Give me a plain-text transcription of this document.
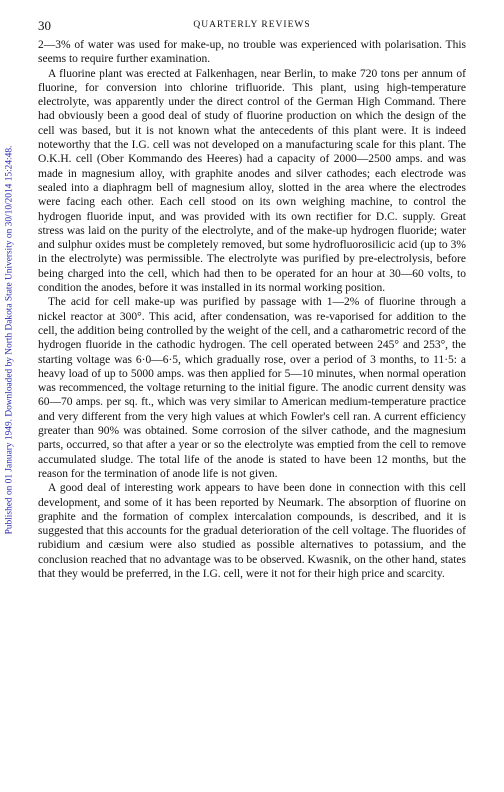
Published on 01 January 1949. Downloaded by North Dakota State University on 30/10/2014 15:24:48.
30	QUARTERLY REVIEWS

2—3% of water was used for make-up, no trouble was experienced with polarisation. This seems to require further examination.

A fluorine plant was erected at Falkenhagen, near Berlin, to make 720 tons per annum of fluorine, for conversion into chlorine trifluoride. This plant, using high-temperature electrolyte, was apparently under the direct control of the German High Command. There had obviously been a good deal of study of fluorine production on which the design of the cell was based, but it is not known what the antecedents of this plant were. It is indeed noteworthy that the I.G. cell was not developed on a manufacturing scale for this plant. The O.K.H. cell (Ober Kommando des Heeres) had a capacity of 2000—2500 amps. and was made in magnesium alloy, with graphite anodes and silver cathodes; each electrode was sealed into a diaphragm bell of magnesium alloy, slotted in the area where the electrodes were facing each other. Each cell stood on its own weighing machine, to control the hydrogen fluoride input, and was provided with its own rectifier for D.C. supply. Great stress was laid on the purity of the electrolyte, and of the make-up hydrogen fluoride; water and sulphur oxides must be completely removed, but some hydrofluorosilicic acid (up to 3% in the electrolyte) was permissible. The electrolyte was purified by pre-electrolysis, before being charged into the cell, which had then to be operated for an hour at 30—60 volts, to condition the anodes, before it was installed in its normal working position.

The acid for cell make-up was purified by passage with 1—2% of fluorine through a nickel reactor at 300°. This acid, after condensation, was re-vaporised for addition to the cell, the addition being controlled by the weight of the cell, and a catharometric record of the hydrogen fluoride in the cathodic hydrogen. The cell operated between 245° and 253°, the starting voltage was 6·0—6·5, which gradually rose, over a period of 3 months, to 11·5: a heavy load of up to 5000 amps. was then applied for 5—10 minutes, when normal operation was recommenced, the voltage returning to the initial figure. The anodic current density was 60—70 amps. per sq. ft., which was very similar to American medium-temperature practice and very different from the very high values at which Fowler's cell ran. A current efficiency greater than 90% was obtained. Some corrosion of the silver cathode, and the magnesium parts, occurred, so that after a year or so the electrolyte was emptied from the cell to remove accumulated sludge. The total life of the anode is stated to have been 12 months, but the reason for the termination of anode life is not given.

A good deal of interesting work appears to have been done in connection with this cell development, and some of it has been reported by Neumark. The absorption of fluorine on graphite and the formation of complex intercalation compounds, is described, and it is suggested that this accounts for the gradual deterioration of the cell voltage. The fluorides of rubidium and cæsium were also studied as possible alternatives to potassium, and the conclusion reached that no advantage was to be observed. Kwasnik, on the other hand, states that they would be preferred, in the I.G. cell, were it not for their high price and scarcity.
